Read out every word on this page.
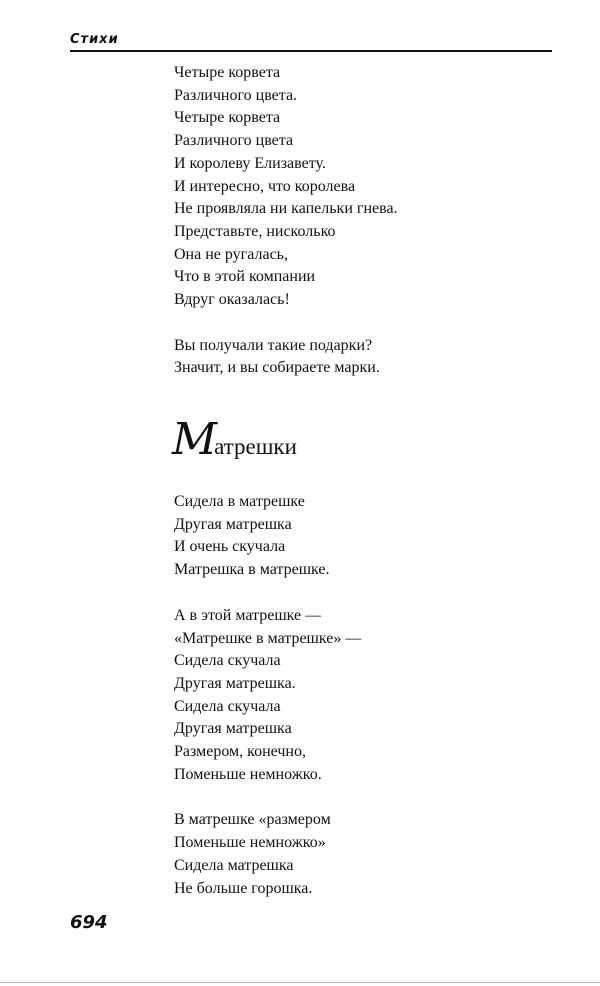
Стихи
Четыре корвета
Различного цвета.
Четыре корвета
Различного цвета
И королеву Елизавету.
И интересно, что королева
Не проявляла ни капельки гнева.
Представьте, нисколько
Она не ругалась,
Что в этой компании
Вдруг оказалась!
Вы получали такие подарки?
Значит, и вы собираете марки.
Матрешки
Сидела в матрешке
Другая матрешка
И очень скучала
Матрешка в матрешке.
А в этой матрешке —
«Матрешке в матрешке» —
Сидела скучала
Другая матрешка.
Сидела скучала
Другая матрешка
Размером, конечно,
Поменьше немножко.
В матрешке «размером
Поменьше немножко»
Сидела матрешка
Не больше горошка.
694
